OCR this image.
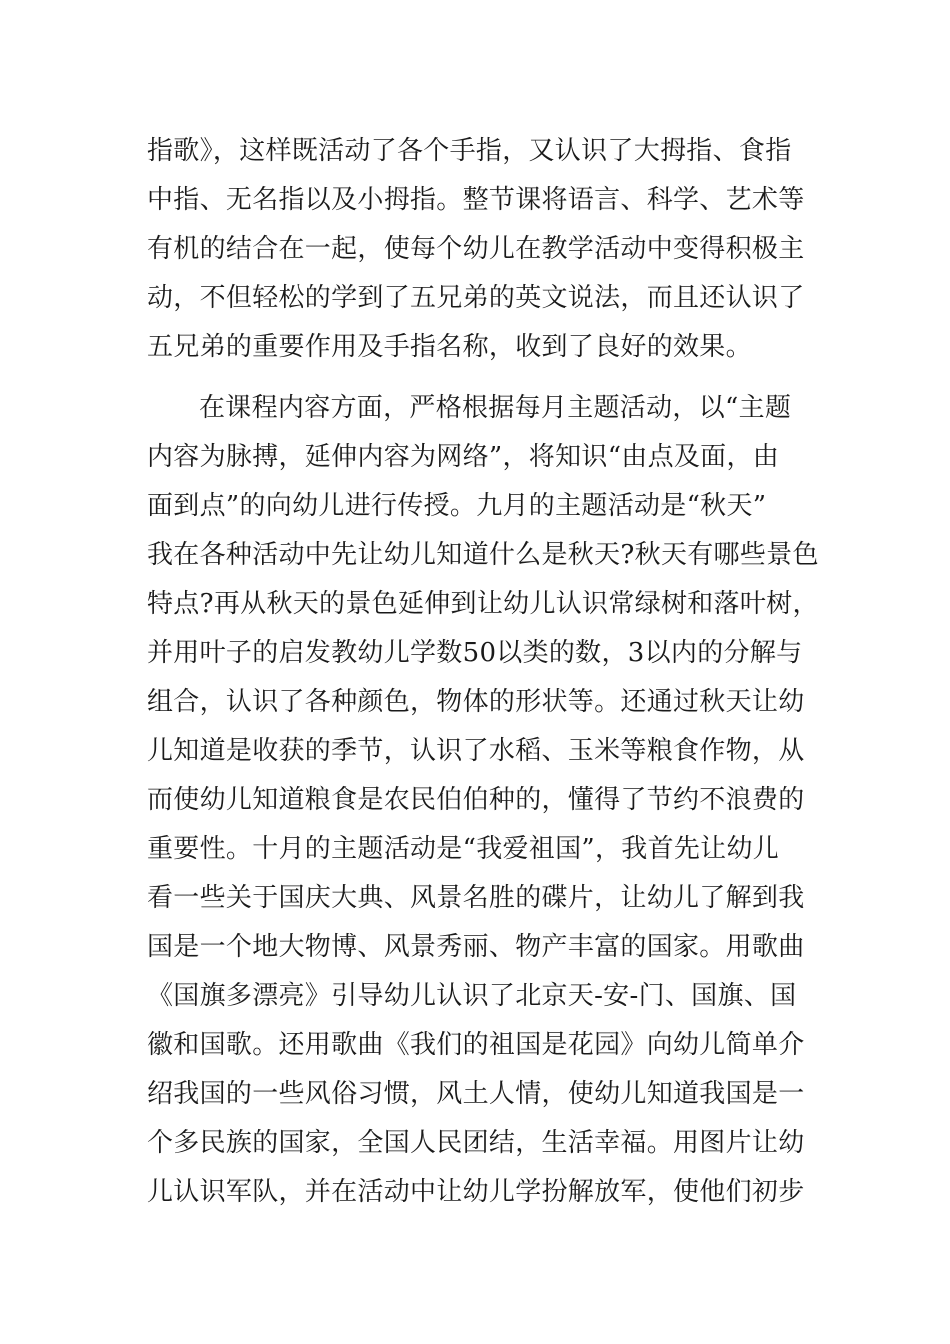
指歌》，这样既活动了各个手指，又认识了大拇指、食指
中指、无名指以及小拇指。整节课将语言、科学、艺术等
有机的结合在一起，使每个幼儿在教学活动中变得积极主
动，不但轻松的学到了五兄弟的英文说法，而且还认识了
五兄弟的重要作用及手指名称，收到了良好的效果。
在课程内容方面，严格根据每月主题活动，以“主题
内容为脉搏，延伸内容为网络”，将知识“由点及面，由
面到点”的向幼儿进行传授。九月的主题活动是“秋天”
我在各种活动中先让幼儿知道什么是秋天?秋天有哪些景色
特点?再从秋天的景色延伸到让幼儿认识常绿树和落叶树，
并用叶子的启发教幼儿学数50以类的数，3以内的分解与
组合，认识了各种颜色，物体的形状等。还通过秋天让幼
儿知道是收获的季节，认识了水稻、玉米等粮食作物，从
而使幼儿知道粮食是农民伯伯种的，懂得了节约不浪费的
重要性。十月的主题活动是“我爱祖国”，我首先让幼儿
看一些关于国庆大典、风景名胜的碟片，让幼儿了解到我
国是一个地大物博、风景秀丽、物产丰富的国家。用歌曲
《国旗多漂亮》引导幼儿认识了北京天-安-门、国旗、国
徽和国歌。还用歌曲《我们的祖国是花园》向幼儿简单介
绍我国的一些风俗习惯，风土人情，使幼儿知道我国是一
个多民族的国家，全国人民团结，生活幸福。用图片让幼
儿认识军队，并在活动中让幼儿学扮解放军，使他们初步
